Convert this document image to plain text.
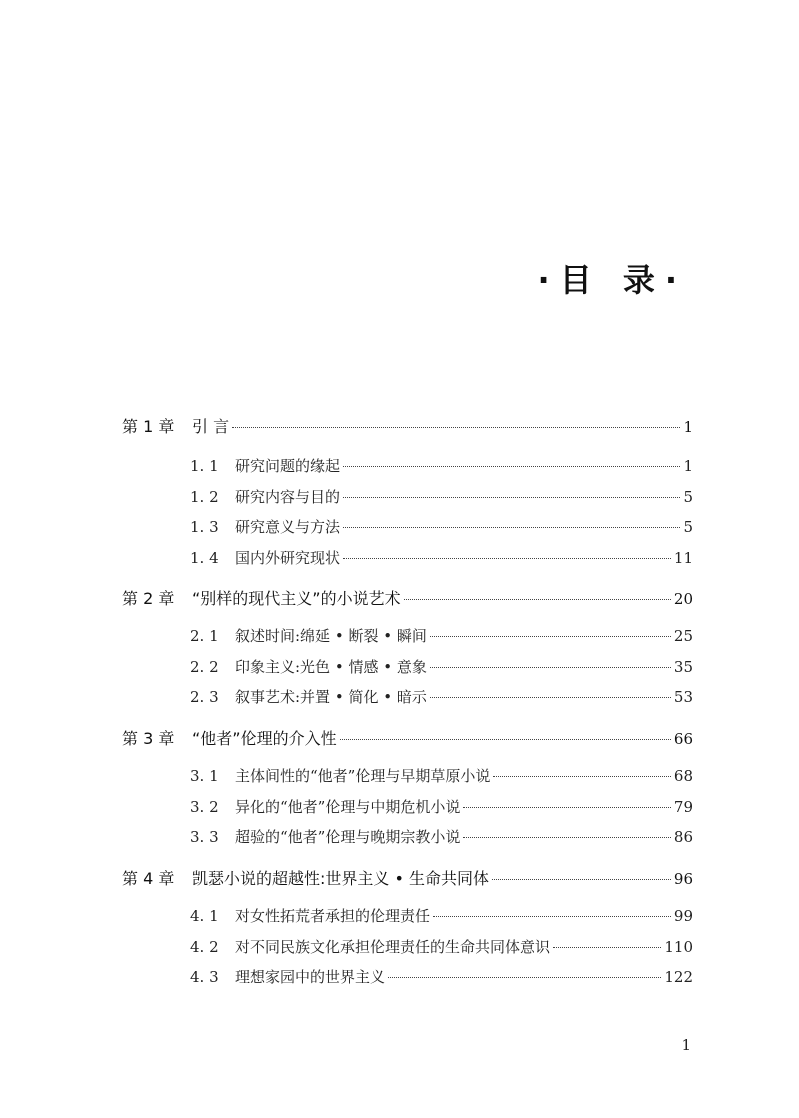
·目 录·
第 1 章	引 言	1
1. 1	研究问题的缘起	1
1. 2	研究内容与目的	5
1. 3	研究意义与方法	5
1. 4	国内外研究现状	11
第 2 章	“别样的现代主义”的小说艺术	20
2. 1	叙述时间:绵延 • 断裂 • 瞬间	25
2. 2	印象主义:光色 • 情感 • 意象	35
2. 3	叙事艺术:并置 • 简化 • 暗示	53
第 3 章	“他者”伦理的介入性	66
3. 1	主体间性的“他者”伦理与早期草原小说	68
3. 2	异化的“他者”伦理与中期危机小说	79
3. 3	超验的“他者”伦理与晚期宗教小说	86
第 4 章	凯瑟小说的超越性:世界主义 • 生命共同体	96
4. 1	对女性拓荒者承担的伦理责任	99
4. 2	对不同民族文化承担伦理责任的生命共同体意识	110
4. 3	理想家园中的世界主义	122
1
